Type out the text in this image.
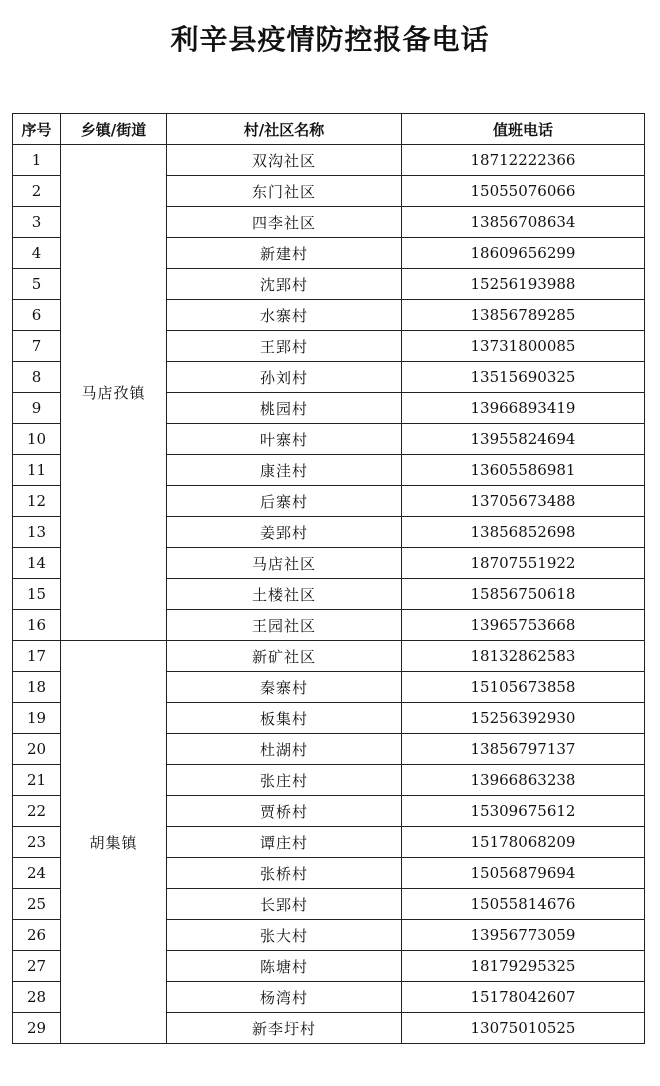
利辛县疫情防控报备电话
序号	乡镇/街道	村/社区名称	值班电话
1	马店孜镇	双沟社区	18712222366
2		东门社区	15055076066
3		四李社区	13856708634
4		新建村	18609656299
5		沈郢村	15256193988
6		水寨村	13856789285
7		王郢村	13731800085
8		孙刘村	13515690325
9		桃园村	13966893419
10		叶寨村	13955824694
11		康洼村	13605586981
12		后寨村	13705673488
13		姜郢村	13856852698
14		马店社区	18707551922
15		土楼社区	15856750618
16		王园社区	13965753668
17	胡集镇	新矿社区	18132862583
18		秦寨村	15105673858
19		板集村	15256392930
20		杜湖村	13856797137
21		张庄村	13966863238
22		贾桥村	15309675612
23		谭庄村	15178068209
24		张桥村	15056879694
25		长郢村	15055814676
26		张大村	13956773059
27		陈塘村	18179295325
28		杨湾村	15178042607
29		新李圩村	13075010525
